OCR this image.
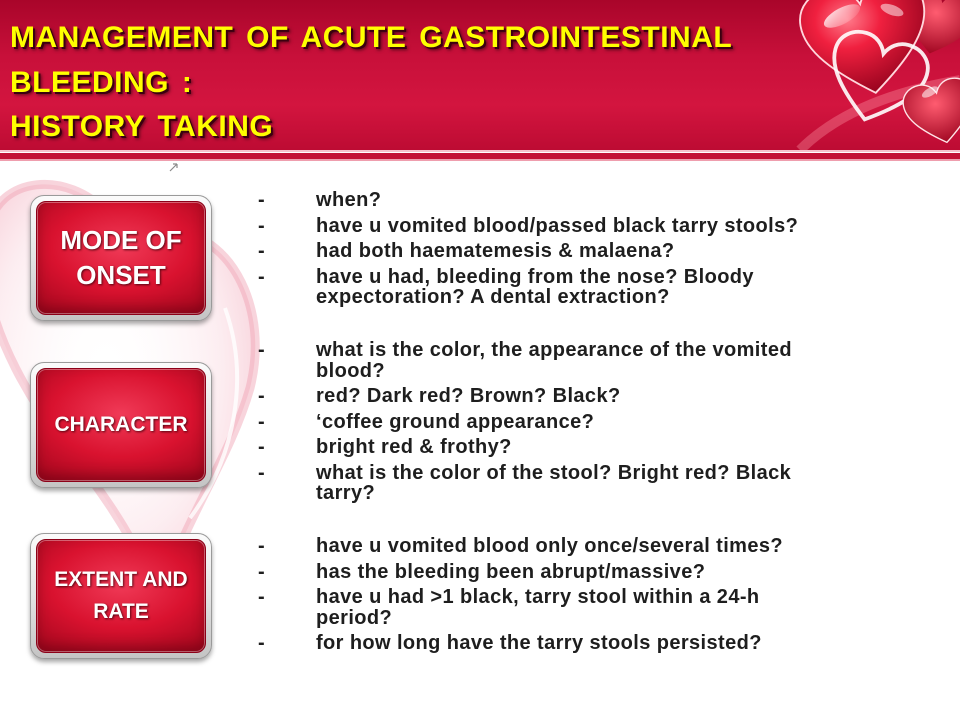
MANAGEMENT OF ACUTE GASTROINTESTINAL
BLEEDING :
HISTORY TAKING
MODE OF ONSET
CHARACTER
EXTENT AND RATE
-	when?
-	have u vomited blood/passed black tarry stools?
-	had both haematemesis & malaena?
-	have u had, bleeding from the nose? Bloody expectoration? A dental extraction?
-	what is the color, the appearance of the vomited blood?
-	red? Dark red? Brown? Black?
-	‘coffee ground appearance?
-	bright red & frothy?
-	what is the color of the stool? Bright red? Black tarry?
-	have u vomited blood only once/several times?
-	has the bleeding been abrupt/massive?
-	have u had >1 black, tarry stool within a 24-h period?
-	for how long have the tarry stools persisted?
